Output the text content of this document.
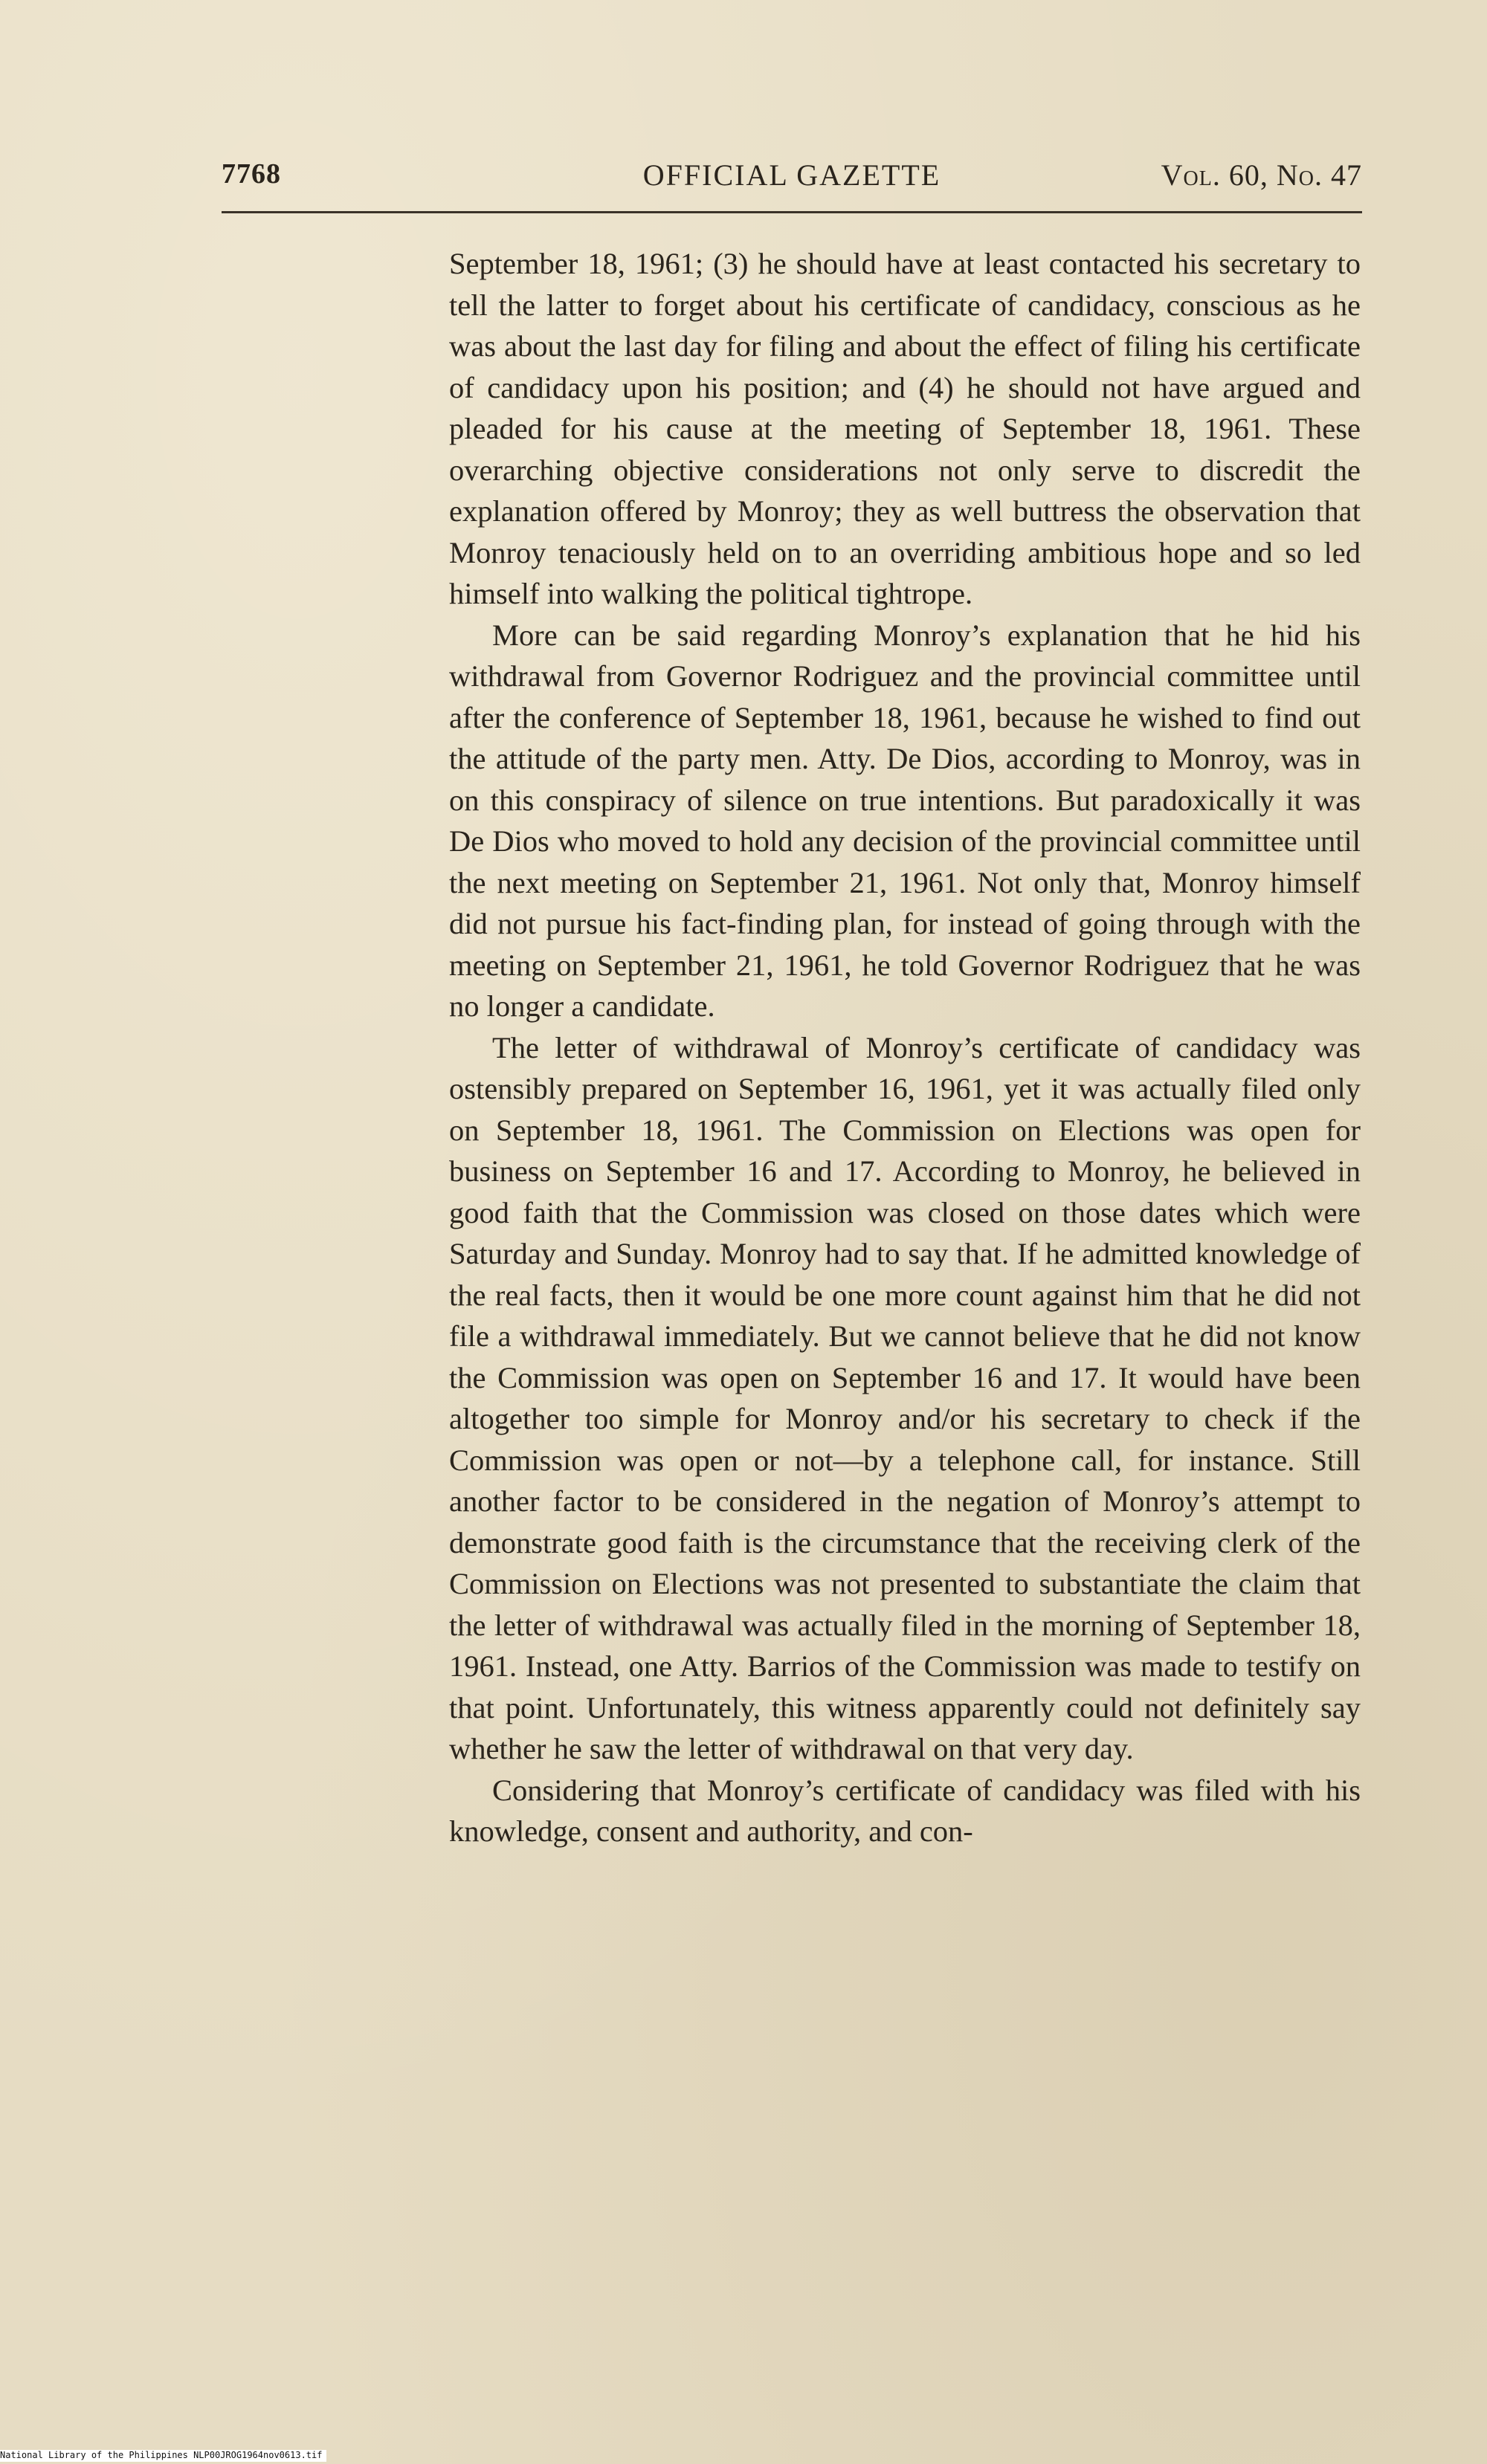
7768	OFFICIAL GAZETTE	Vol. 60, No. 47

September 18, 1961; (3) he should have at least contacted his secretary to tell the latter to forget about his certificate of candidacy, conscious as he was about the last day for filing and about the effect of filing his certificate of candidacy upon his position; and (4) he should not have argued and pleaded for his cause at the meeting of September 18, 1961. These overarching objective considerations not only serve to discredit the explanation offered by Monroy; they as well buttress the observation that Monroy tenaciously held on to an overriding ambitious hope and so led himself into walking the political tightrope.

More can be said regarding Monroy’s explanation that he hid his withdrawal from Governor Rodriguez and the provincial committee until after the conference of September 18, 1961, because he wished to find out the attitude of the party men. Atty. De Dios, according to Monroy, was in on this conspiracy of silence on true intentions. But paradoxically it was De Dios who moved to hold any decision of the provincial committee until the next meeting on September 21, 1961. Not only that, Monroy himself did not pursue his fact-finding plan, for instead of going through with the meeting on September 21, 1961, he told Governor Rodriguez that he was no longer a candidate.

The letter of withdrawal of Monroy’s certificate of candidacy was ostensibly prepared on September 16, 1961, yet it was actually filed only on September 18, 1961. The Commission on Elections was open for business on September 16 and 17. According to Monroy, he believed in good faith that the Commission was closed on those dates which were Saturday and Sunday. Monroy had to say that. If he admitted knowledge of the real facts, then it would be one more count against him that he did not file a withdrawal immediately. But we cannot believe that he did not know the Commission was open on September 16 and 17. It would have been altogether too simple for Monroy and/or his secretary to check if the Commission was open or not—by a telephone call, for instance. Still another factor to be considered in the negation of Monroy’s attempt to demonstrate good faith is the circumstance that the receiving clerk of the Commission on Elections was not presented to substantiate the claim that the letter of withdrawal was actually filed in the morning of September 18, 1961. Instead, one Atty. Barrios of the Commission was made to testify on that point. Unfortunately, this witness apparently could not definitely say whether he saw the letter of withdrawal on that very day.

Considering that Monroy’s certificate of candidacy was filed with his knowledge, consent and authority, and con-

National Library of the Philippines NLP00JROG1964nov0613.tif
